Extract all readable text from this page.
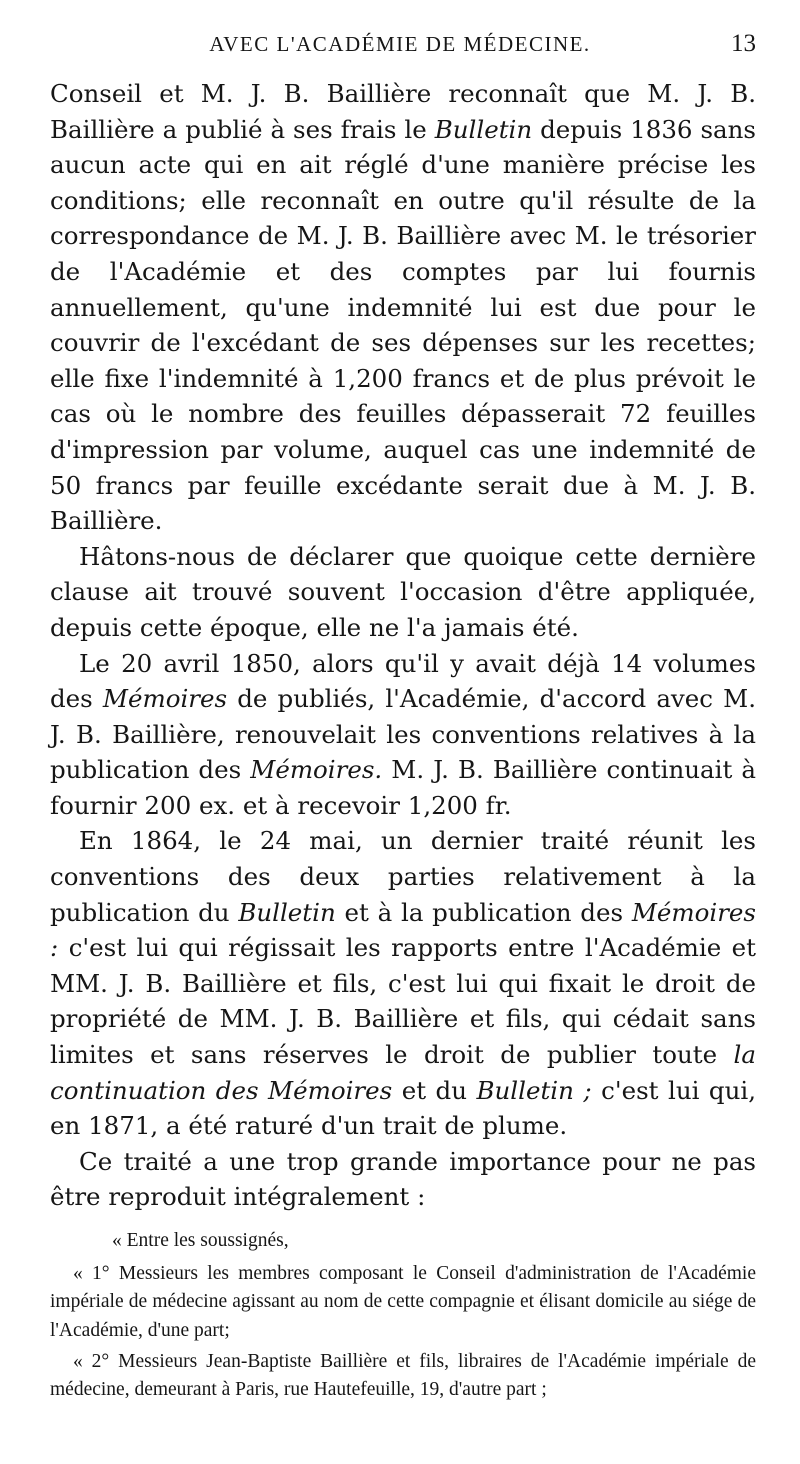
AVEC L'ACADÉMIE DE MÉDECINE.	13

Conseil et M. J. B. Baillière reconnaît que M. J. B. Baillière a publié à ses frais le Bulletin depuis 1836 sans aucun acte qui en ait réglé d'une manière précise les conditions; elle reconnaît en outre qu'il résulte de la correspondance de M. J. B. Baillière avec M. le trésorier de l'Académie et des comptes par lui fournis annuellement, qu'une indemnité lui est due pour le couvrir de l'excédant de ses dépenses sur les recettes; elle fixe l'indemnité à 1,200 francs et de plus prévoit le cas où le nombre des feuilles dépasserait 72 feuilles d'impression par volume, auquel cas une indemnité de 50 francs par feuille excédante serait due à M. J. B. Baillière.

Hâtons-nous de déclarer que quoique cette dernière clause ait trouvé souvent l'occasion d'être appliquée, depuis cette époque, elle ne l'a jamais été.

Le 20 avril 1850, alors qu'il y avait déjà 14 volumes des Mémoires de publiés, l'Académie, d'accord avec M. J. B. Baillière, renouvelait les conventions relatives à la publication des Mémoires. M. J. B. Baillière continuait à fournir 200 ex. et à recevoir 1,200 fr.

En 1864, le 24 mai, un dernier traité réunit les conventions des deux parties relativement à la publication du Bulletin et à la publication des Mémoires : c'est lui qui régissait les rapports entre l'Académie et MM. J. B. Baillière et fils, c'est lui qui fixait le droit de propriété de MM. J. B. Baillière et fils, qui cédait sans limites et sans réserves le droit de publier toute la continuation des Mémoires et du Bulletin ; c'est lui qui, en 1871, a été raturé d'un trait de plume.

Ce traité a une trop grande importance pour ne pas être reproduit intégralement :

« Entre les soussignés,

« 1° Messieurs les membres composant le Conseil d'administration de l'Académie impériale de médecine agissant au nom de cette compagnie et élisant domicile au siége de l'Académie, d'une part;

« 2° Messieurs Jean-Baptiste Baillière et fils, libraires de l'Académie impériale de médecine, demeurant à Paris, rue Hautefeuille, 19, d'autre part ;
